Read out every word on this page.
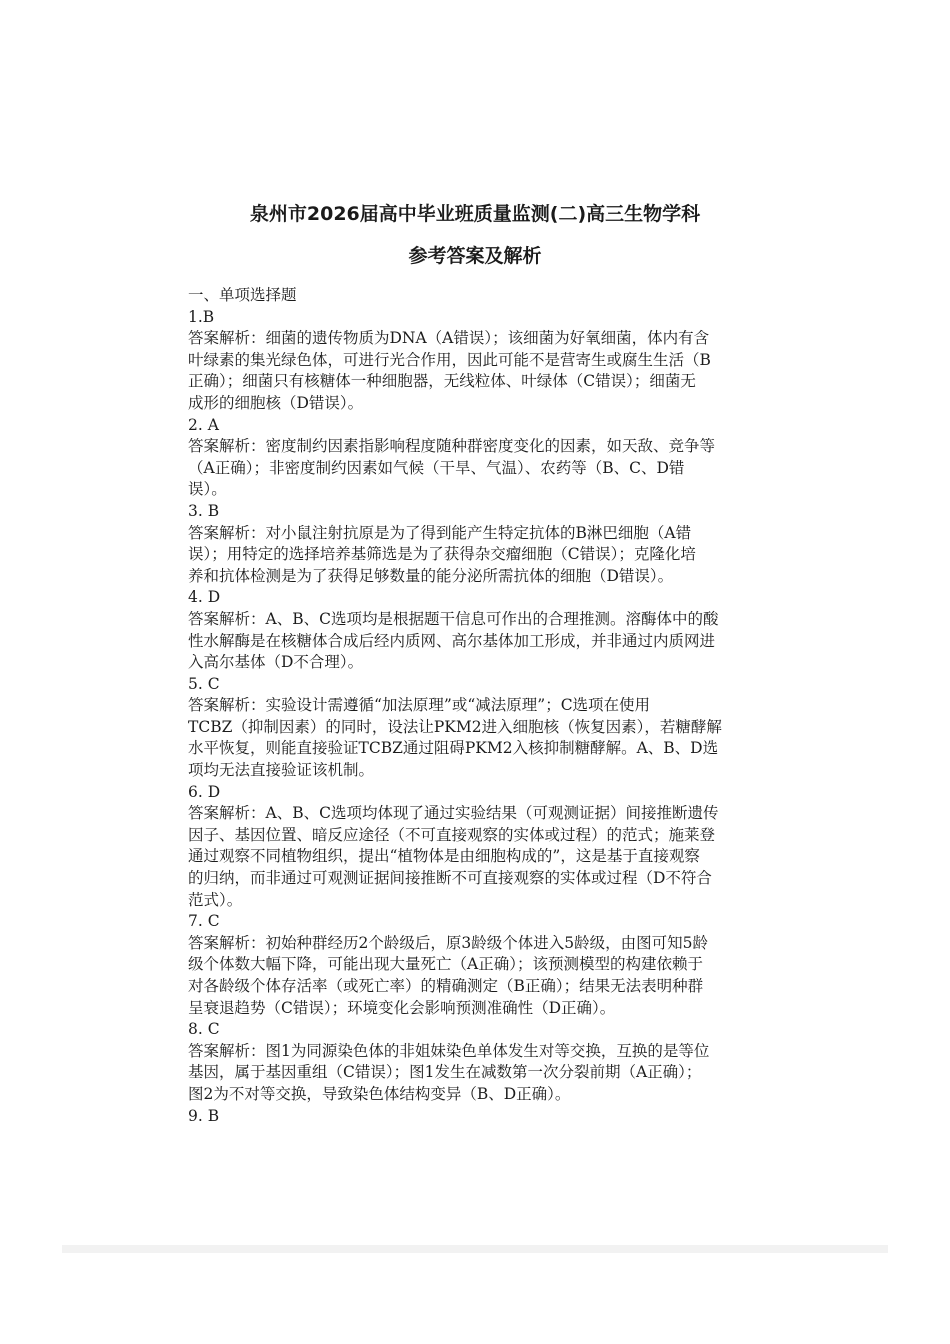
泉州市2026届高中毕业班质量监测(二)高三生物学科
参考答案及解析

一、单项选择题

1.B

答案解析：细菌的遗传物质为DNA（A错误）；该细菌为好氧细菌，体内有含

叶绿素的集光绿色体，可进行光合作用，因此可能不是营寄生或腐生生活（B

正确）；细菌只有核糖体一种细胞器，无线粒体、叶绿体（C错误）；细菌无

成形的细胞核（D错误）。

2. A

答案解析：密度制约因素指影响程度随种群密度变化的因素，如天敌、竞争等

（A正确）；非密度制约因素如气候（干旱、气温）、农药等（B、C、D错

误）。

3. B

答案解析：对小鼠注射抗原是为了得到能产生特定抗体的B淋巴细胞（A错

误）；用特定的选择培养基筛选是为了获得杂交瘤细胞（C错误）；克隆化培

养和抗体检测是为了获得足够数量的能分泌所需抗体的细胞（D错误）。

4. D

答案解析：A、B、C选项均是根据题干信息可作出的合理推测。溶酶体中的酸

性水解酶是在核糖体合成后经内质网、高尔基体加工形成，并非通过内质网进

入高尔基体（D不合理）。

5. C

答案解析：实验设计需遵循“加法原理”或“减法原理”；C选项在使用

TCBZ（抑制因素）的同时，设法让PKM2进入细胞核（恢复因素），若糖酵解

水平恢复，则能直接验证TCBZ通过阻碍PKM2入核抑制糖酵解。A、B、D选

项均无法直接验证该机制。

6. D

答案解析：A、B、C选项均体现了通过实验结果（可观测证据）间接推断遗传

因子、基因位置、暗反应途径（不可直接观察的实体或过程）的范式；施莱登

通过观察不同植物组织，提出“植物体是由细胞构成的”，这是基于直接观察

的归纳，而非通过可观测证据间接推断不可直接观察的实体或过程（D不符合

范式）。

7. C

答案解析：初始种群经历2个龄级后，原3龄级个体进入5龄级，由图可知5龄

级个体数大幅下降，可能出现大量死亡（A正确）；该预测模型的构建依赖于

对各龄级个体存活率（或死亡率）的精确测定（B正确）；结果无法表明种群

呈衰退趋势（C错误）；环境变化会影响预测准确性（D正确）。

8. C

答案解析：图1为同源染色体的非姐妹染色单体发生对等交换，互换的是等位

基因，属于基因重组（C错误）；图1发生在减数第一次分裂前期（A正确）；

图2为不对等交换，导致染色体结构变异（B、D正确）。

9. B
